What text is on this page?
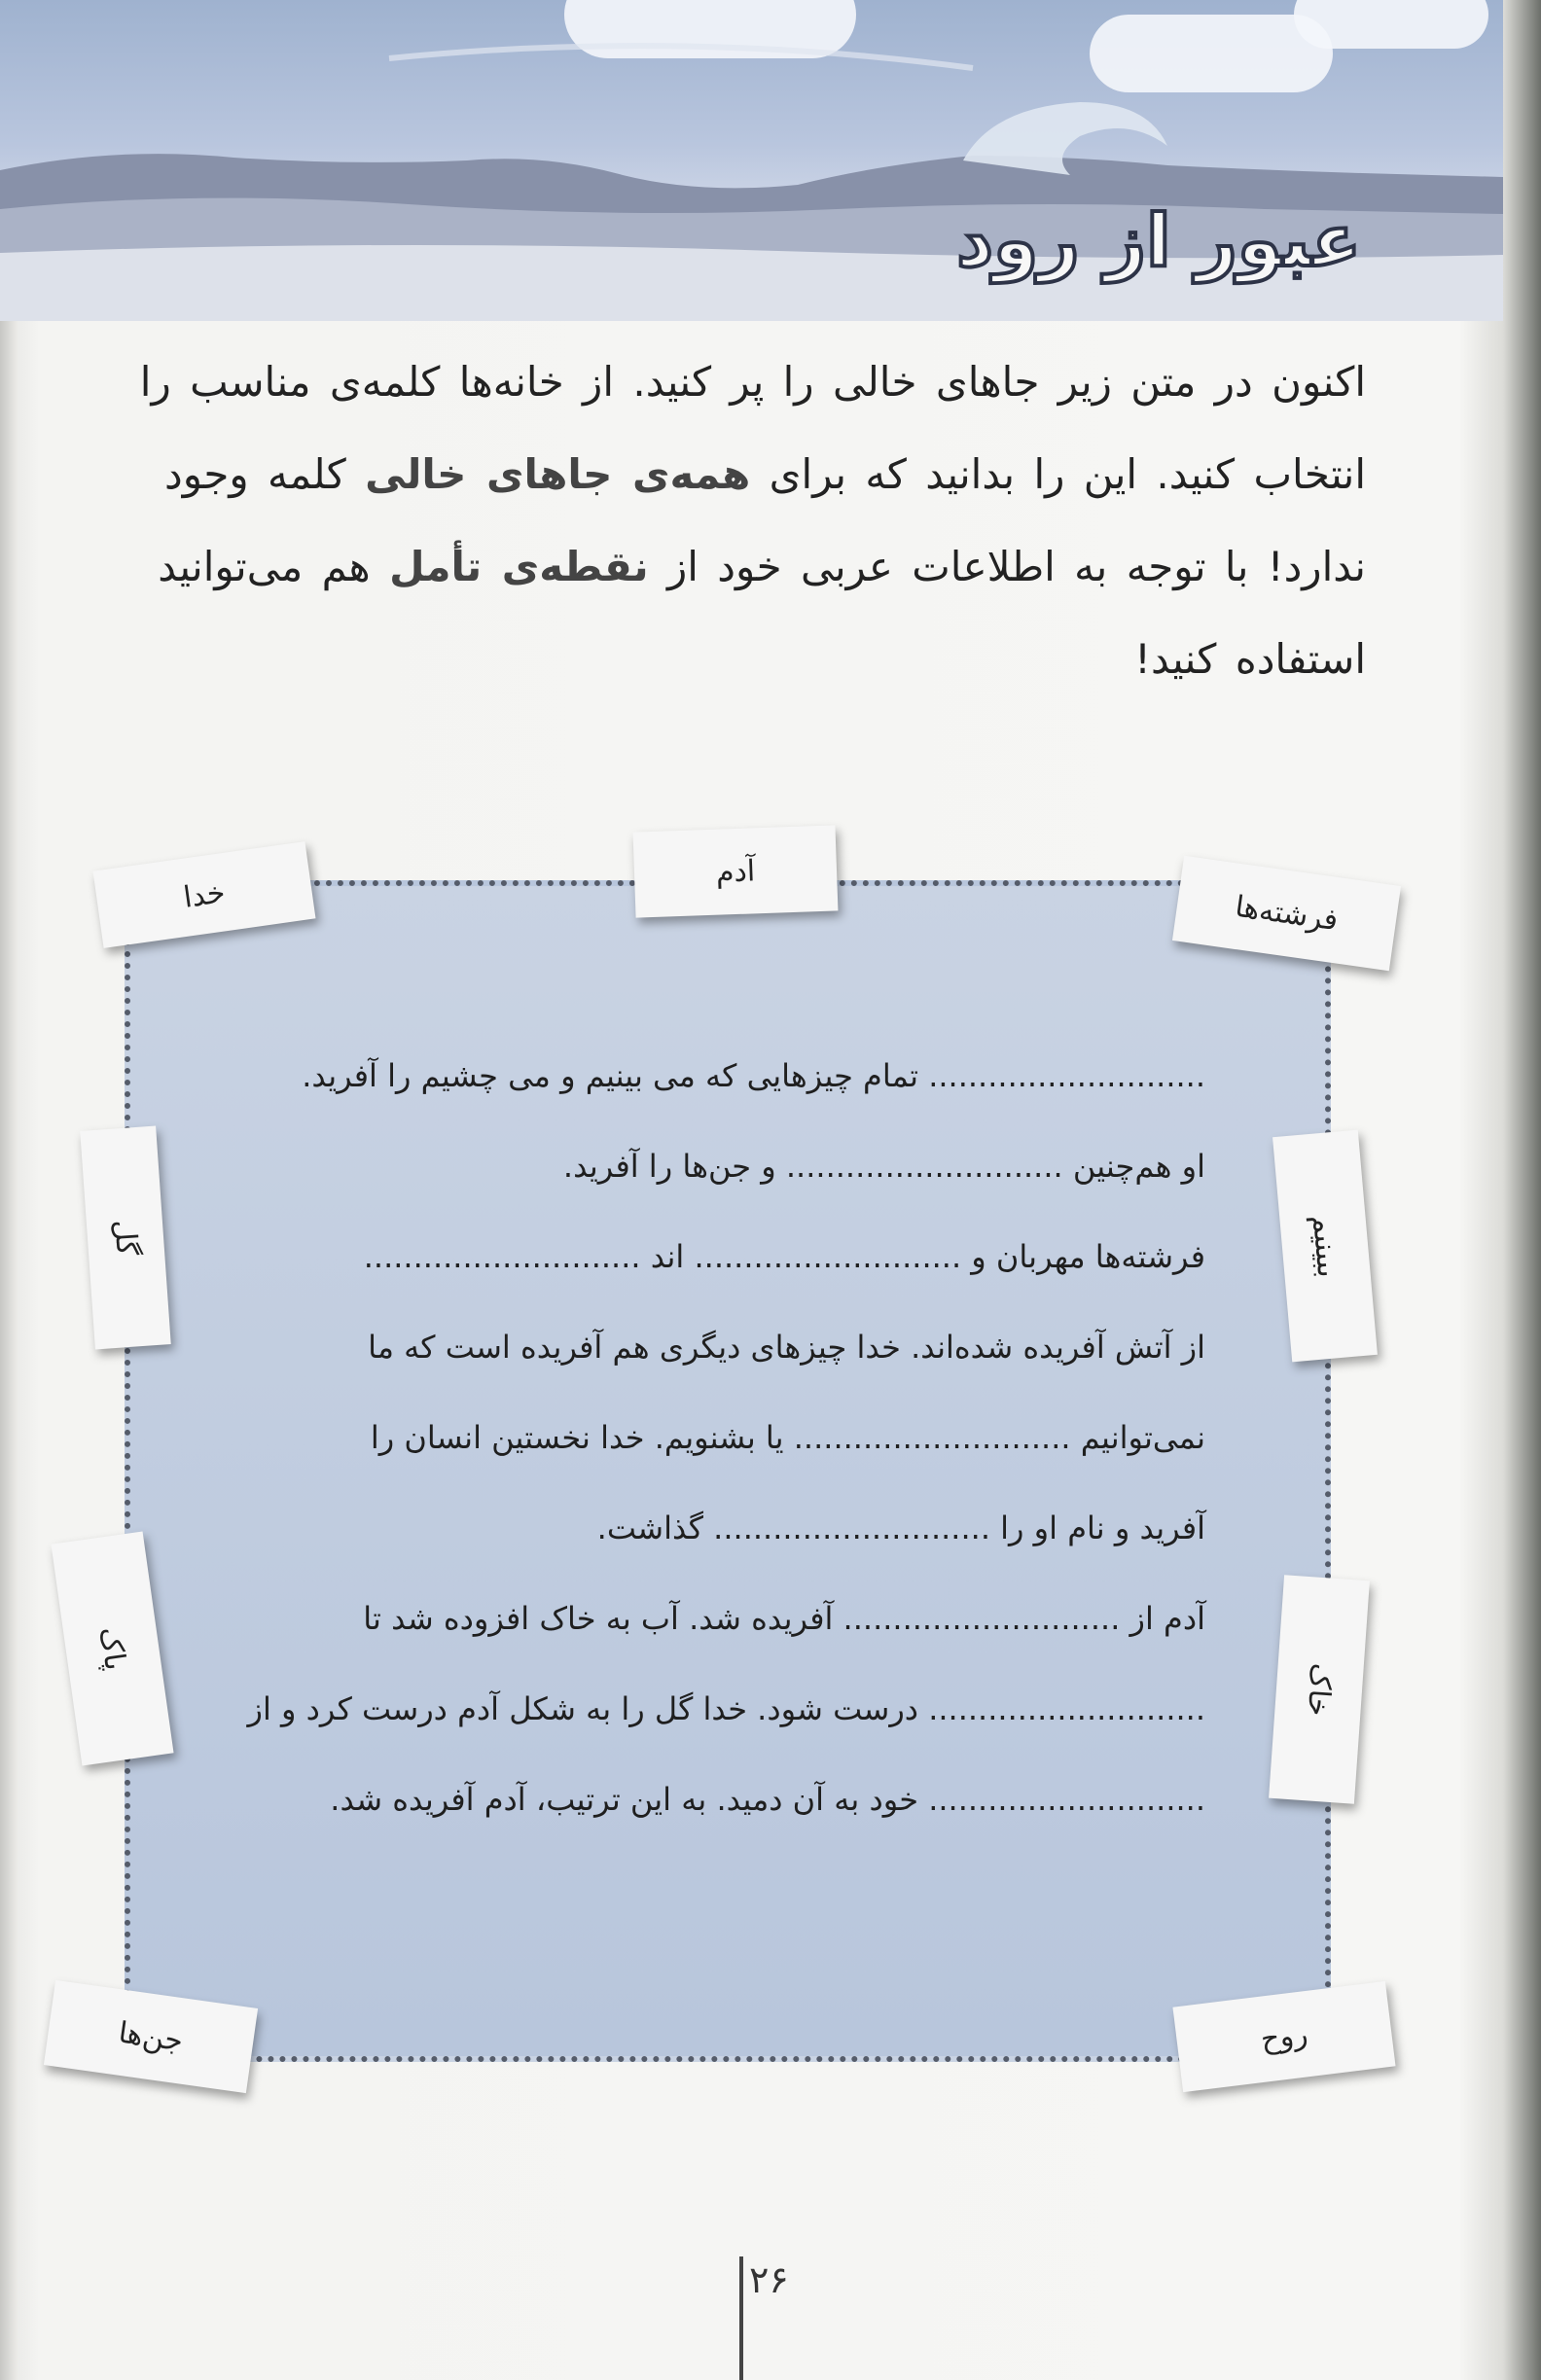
عبور از رود
اکنون در متن زیر جاهای خالی را پر کنید. از خانه‌ها کلمه‌ی مناسب را
انتخاب کنید. این را بدانید که برای همه‌ی جاهای خالی کلمه وجود
ندارد! با توجه به اطلاعات عربی خود از نقطه‌ی تأمل هم می‌توانید
استفاده کنید!
خدا
آدم
فرشته‌ها
گل	ببینیم
پاک
خاک
جن‌ها	روح
............................ تمام چیزهایی که می بینیم و می چشیم را آفرید.
او هم‌چنین ............................ و جن‌ها را آفرید.
فرشته‌ها مهربان و ........................... اند ............................
از آتش آفریده شده‌اند. خدا چیزهای دیگری هم آفریده است که ما
نمی‌توانیم ............................ یا بشنویم. خدا نخستین انسان را
آفرید و نام او را ............................ گذاشت.
آدم از ............................ آفریده شد. آب به خاک افزوده شد تا
............................ درست شود. خدا گل را به شکل آدم درست کرد و از
............................ خود به آن دمید. به این ترتیب، آدم آفریده شد.
۲۶
